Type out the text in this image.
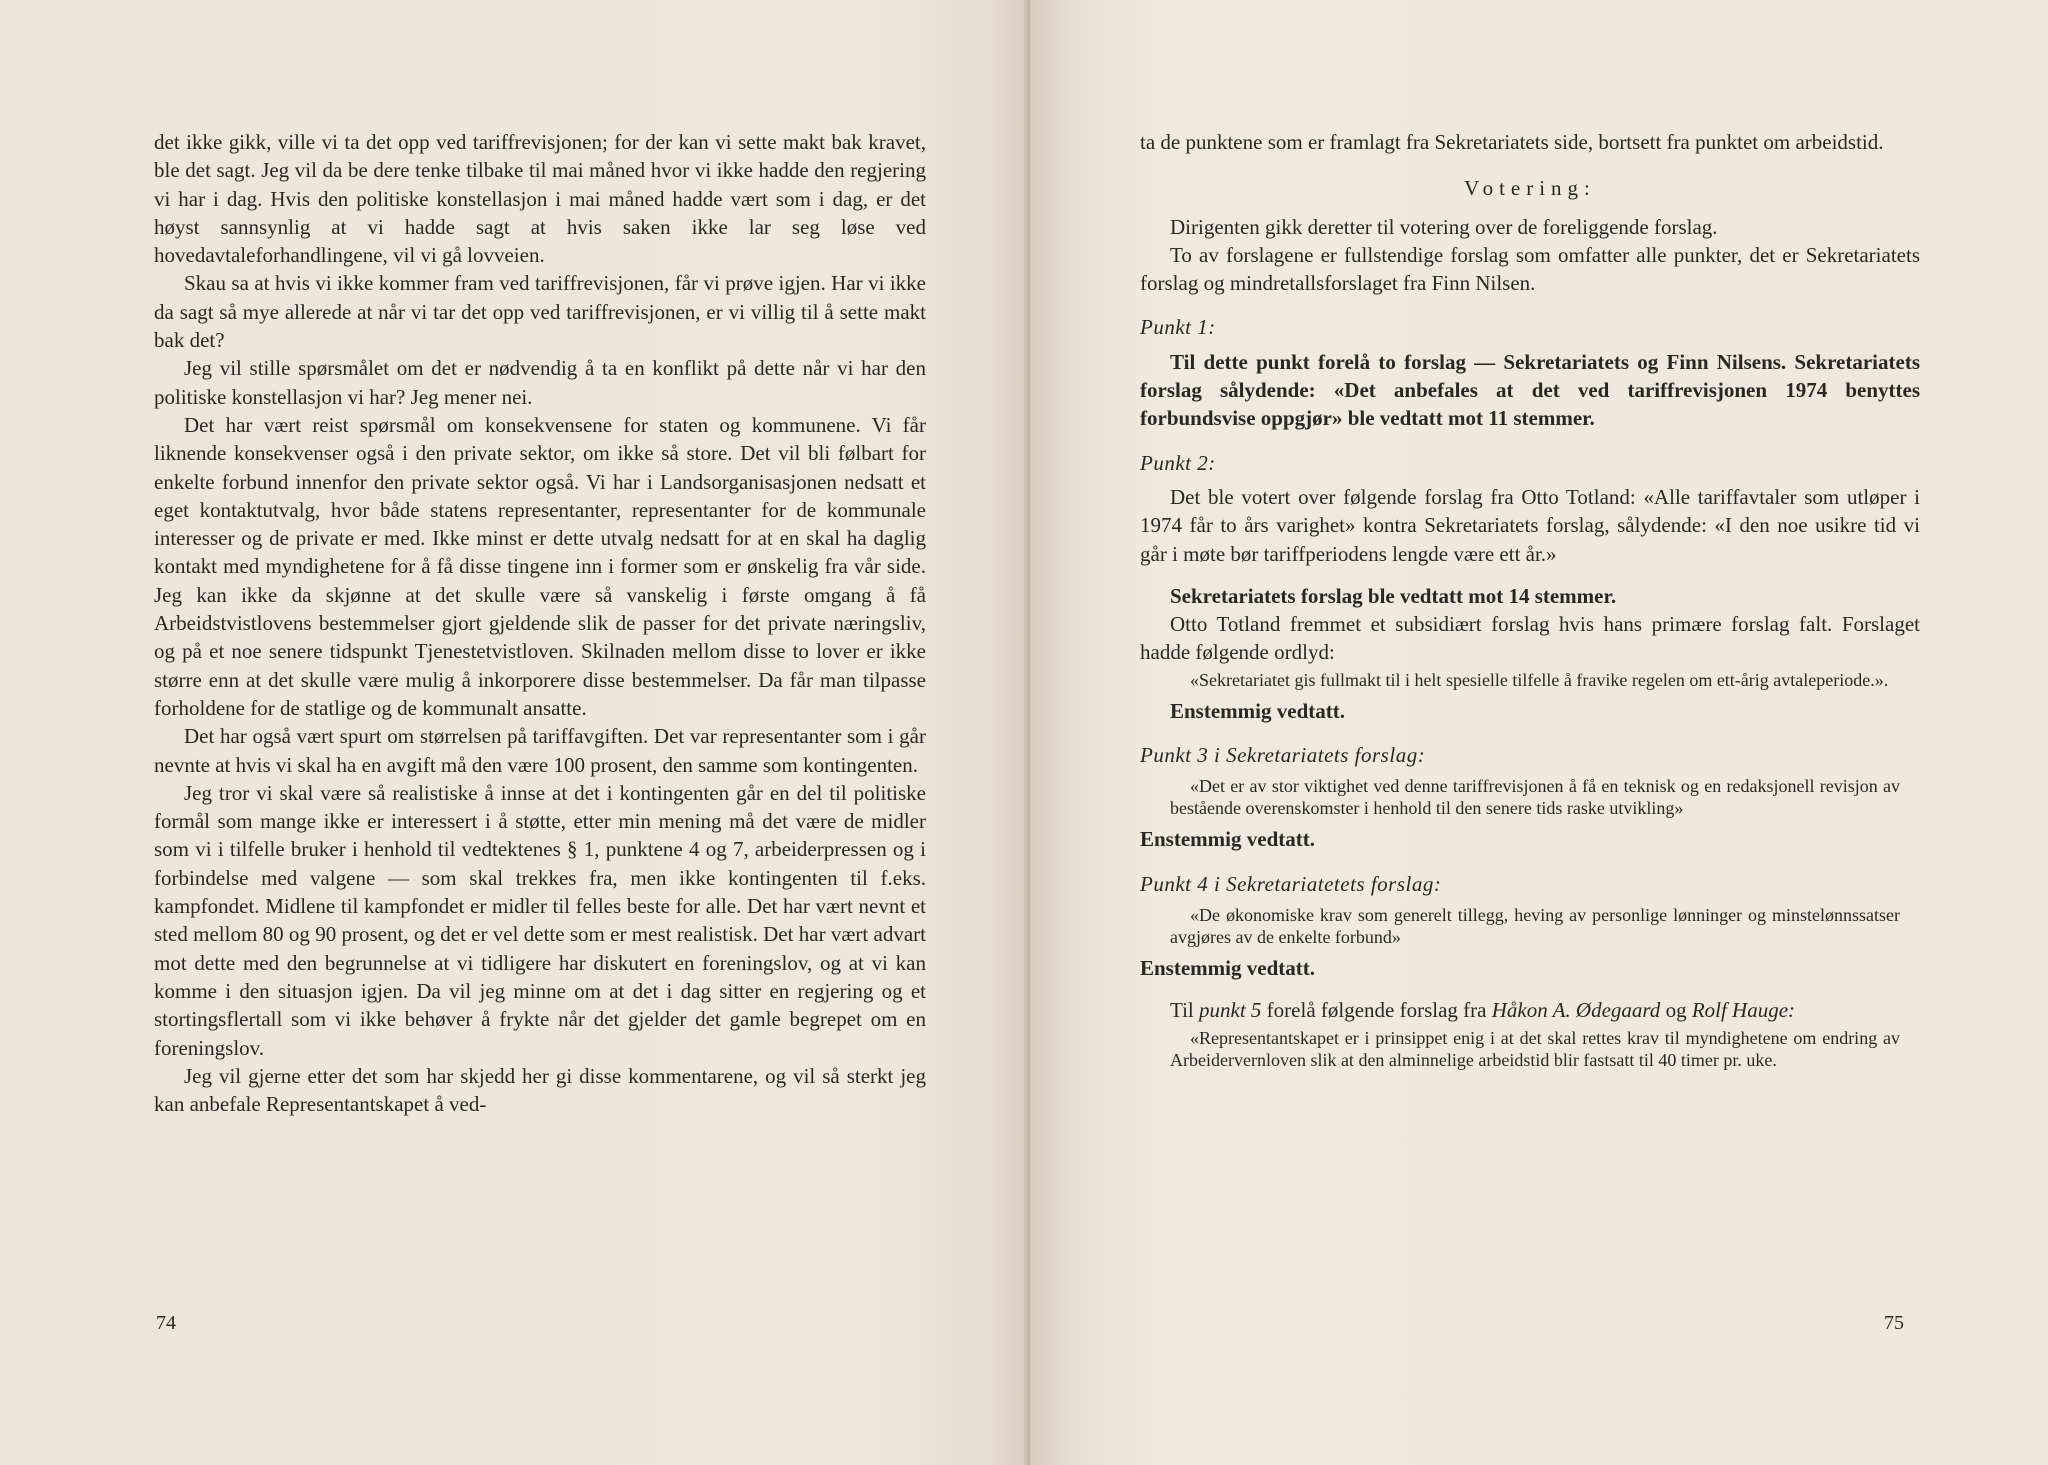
det ikke gikk, ville vi ta det opp ved tariffrevisjonen; for der kan vi sette makt bak kravet, ble det sagt. Jeg vil da be dere tenke tilbake til mai måned hvor vi ikke hadde den regjering vi har i dag. Hvis den politiske konstellasjon i mai måned hadde vært som i dag, er det høyst sannsynlig at vi hadde sagt at hvis saken ikke lar seg løse ved hovedavtaleforhandlingene, vil vi gå lovveien.

Skau sa at hvis vi ikke kommer fram ved tariffrevisjonen, får vi prøve igjen. Har vi ikke da sagt så mye allerede at når vi tar det opp ved tariffrevisjonen, er vi villig til å sette makt bak det?

Jeg vil stille spørsmålet om det er nødvendig å ta en konflikt på dette når vi har den politiske konstellasjon vi har? Jeg mener nei.

Det har vært reist spørsmål om konsekvensene for staten og kommunene. Vi får liknende konsekvenser også i den private sektor, om ikke så store. Det vil bli følbart for enkelte forbund innenfor den private sektor også. Vi har i Landsorganisasjonen nedsatt et eget kontaktutvalg, hvor både statens representanter, representanter for de kommunale interesser og de private er med. Ikke minst er dette utvalg nedsatt for at en skal ha daglig kontakt med myndighetene for å få disse tingene inn i former som er ønskelig fra vår side. Jeg kan ikke da skjønne at det skulle være så vanskelig i første omgang å få Arbeidstvistlovens bestemmelser gjort gjeldende slik de passer for det private næringsliv, og på et noe senere tidspunkt Tjenestetvistloven. Skilnaden mellom disse to lover er ikke større enn at det skulle være mulig å inkorporere disse bestemmelser. Da får man tilpasse forholdene for de statlige og de kommunalt ansatte.

Det har også vært spurt om størrelsen på tariffavgiften. Det var representanter som i går nevnte at hvis vi skal ha en avgift må den være 100 prosent, den samme som kontingenten.

Jeg tror vi skal være så realistiske å innse at det i kontingenten går en del til politiske formål som mange ikke er interessert i å støtte, etter min mening må det være de midler som vi i tilfelle bruker i henhold til vedtektenes § 1, punktene 4 og 7, arbeiderpressen og i forbindelse med valgene — som skal trekkes fra, men ikke kontingenten til f.eks. kampfondet. Midlene til kampfondet er midler til felles beste for alle. Det har vært nevnt et sted mellom 80 og 90 prosent, og det er vel dette som er mest realistisk. Det har vært advart mot dette med den begrunnelse at vi tidligere har diskutert en foreningslov, og at vi kan komme i den situasjon igjen. Da vil jeg minne om at det i dag sitter en regjering og et stortingsflertall som vi ikke behøver å frykte når det gjelder det gamle begrepet om en foreningslov.

Jeg vil gjerne etter det som har skjedd her gi disse kommentarene, og vil så sterkt jeg kan anbefale Representantskapet å ved-

74

ta de punktene som er framlagt fra Sekretariatets side, bortsett fra punktet om arbeidstid.

Votering:

Dirigenten gikk deretter til votering over de foreliggende forslag.

To av forslagene er fullstendige forslag som omfatter alle punkter, det er Sekretariatets forslag og mindretallsforslaget fra Finn Nilsen.

Punkt 1:

Til dette punkt forelå to forslag — Sekretariatets og Finn Nilsens. Sekretariatets forslag sålydende: «Det anbefales at det ved tariffrevisjonen 1974 benyttes forbundsvise oppgjør» ble vedtatt mot 11 stemmer.

Punkt 2:

Det ble votert over følgende forslag fra Otto Totland: «Alle tariffavtaler som utløper i 1974 får to års varighet» kontra Sekretariatets forslag, sålydende: «I den noe usikre tid vi går i møte bør tariffperiodens lengde være ett år.»

Sekretariatets forslag ble vedtatt mot 14 stemmer.

Otto Totland fremmet et subsidiært forslag hvis hans primære forslag falt. Forslaget hadde følgende ordlyd:

«Sekretariatet gis fullmakt til i helt spesielle tilfelle å fravike regelen om ett-årig avtaleperiode.».

Enstemmig vedtatt.

Punkt 3 i Sekretariatets forslag:

«Det er av stor viktighet ved denne tariffrevisjonen å få en teknisk og en redaksjonell revisjon av bestående overenskomster i henhold til den senere tids raske utvikling»

Enstemmig vedtatt.

Punkt 4 i Sekretariatetets forslag:

«De økonomiske krav som generelt tillegg, heving av personlige lønninger og minstelønnssatser avgjøres av de enkelte forbund»

Enstemmig vedtatt.

Til punkt 5 forelå følgende forslag fra Håkon A. Ødegaard og Rolf Hauge:

«Representantskapet er i prinsippet enig i at det skal rettes krav til myndighetene om endring av Arbeidervernloven slik at den alminnelige arbeidstid blir fastsatt til 40 timer pr. uke.

75
